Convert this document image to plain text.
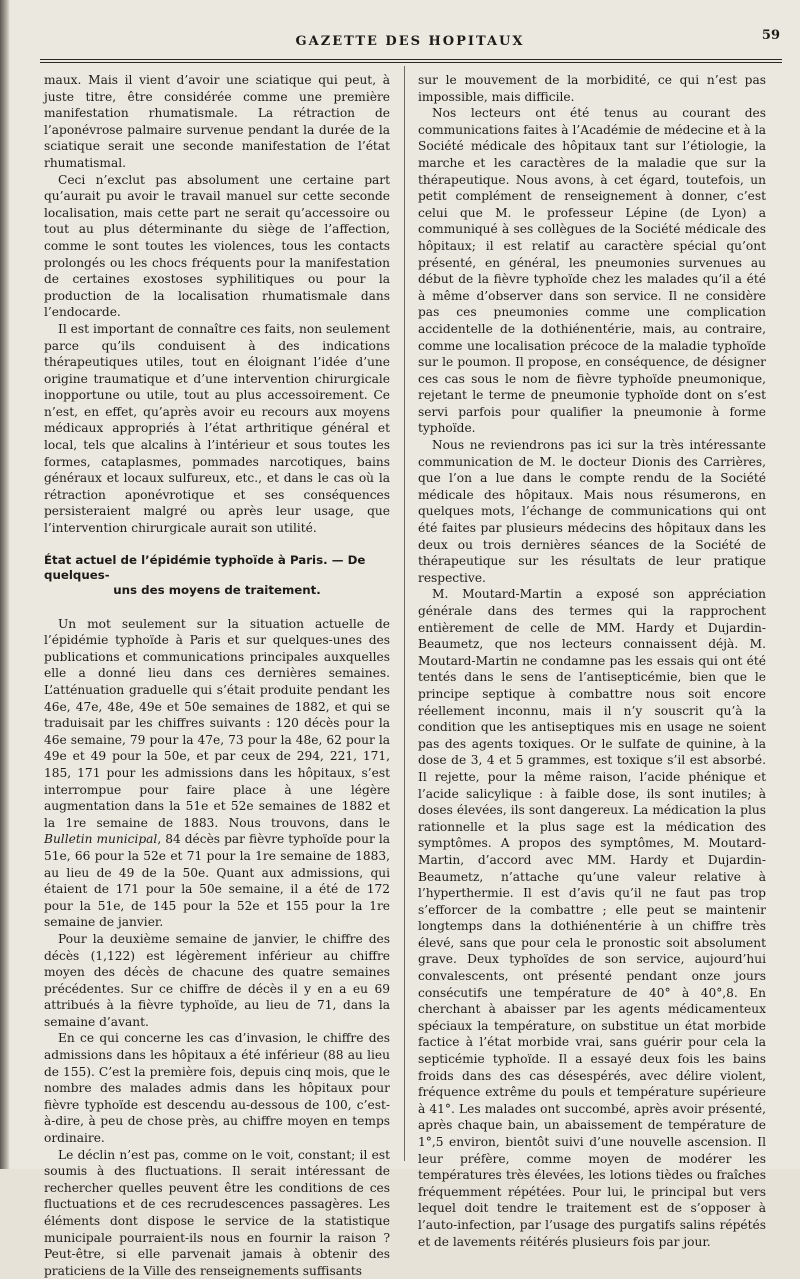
GAZETTE DES HOPITAUX	59

maux. Mais il vient d’avoir une sciatique qui peut, à juste titre, être considérée comme une première manifestation rhumatismale. La rétraction de l’aponévrose palmaire survenue pendant la durée de la sciatique serait une seconde manifestation de l’état rhumatismal.

Ceci n’exclut pas absolument une certaine part qu’aurait pu avoir le travail manuel sur cette seconde localisation, mais cette part ne serait qu’accessoire ou tout au plus déterminante du siège de l’affection, comme le sont toutes les violences, tous les contacts prolongés ou les chocs fréquents pour la manifestation de certaines exostoses syphilitiques ou pour la production de la localisation rhumatismale dans l’endocarde.

Il est important de connaître ces faits, non seulement parce qu’ils conduisent à des indications thérapeutiques utiles, tout en éloignant l’idée d’une origine traumatique et d’une intervention chirurgicale inopportune ou utile, tout au plus accessoirement. Ce n’est, en effet, qu’après avoir eu recours aux moyens médicaux appropriés à l’état arthritique général et local, tels que alcalins à l’intérieur et sous toutes les formes, cataplasmes, pommades narcotiques, bains généraux et locaux sulfureux, etc., et dans le cas où la rétraction aponévrotique et ses conséquences persisteraient malgré ou après leur usage, que l’intervention chirurgicale aurait son utilité.

État actuel de l’épidémie typhoïde à Paris. — De quelques-
uns des moyens de traitement.

Un mot seulement sur la situation actuelle de l’épidémie typhoïde à Paris et sur quelques-unes des publications et communications principales auxquelles elle a donné lieu dans ces dernières semaines. L’atténuation graduelle qui s’était produite pendant les 46e, 47e, 48e, 49e et 50e semaines de 1882, et qui se traduisait par les chiffres suivants : 120 décès pour la 46e semaine, 79 pour la 47e, 73 pour la 48e, 62 pour la 49e et 49 pour la 50e, et par ceux de 294, 221, 171, 185, 171 pour les admissions dans les hôpitaux, s’est interrompue pour faire place à une légère augmentation dans la 51e et 52e semaines de 1882 et la 1re semaine de 1883. Nous trouvons, dans le Bulletin municipal, 84 décès par fièvre typhoïde pour la 51e, 66 pour la 52e et 71 pour la 1re semaine de 1883, au lieu de 49 de la 50e. Quant aux admissions, qui étaient de 171 pour la 50e semaine, il a été de 172 pour la 51e, de 145 pour la 52e et 155 pour la 1re semaine de janvier.

Pour la deuxième semaine de janvier, le chiffre des décès (1,122) est légèrement inférieur au chiffre moyen des décès de chacune des quatre semaines précédentes. Sur ce chiffre de décès il y en a eu 69 attribués à la fièvre typhoïde, au lieu de 71, dans la semaine d’avant.

En ce qui concerne les cas d’invasion, le chiffre des admissions dans les hôpitaux a été inférieur (88 au lieu de 155). C’est la première fois, depuis cinq mois, que le nombre des malades admis dans les hôpitaux pour fièvre typhoïde est descendu au-dessous de 100, c’est-à-dire, à peu de chose près, au chiffre moyen en temps ordinaire.

Le déclin n’est pas, comme on le voit, constant; il est soumis à des fluctuations. Il serait intéressant de rechercher quelles peuvent être les conditions de ces fluctuations et de ces recrudescences passagères. Les éléments dont dispose le service de la statistique municipale pourraient-ils nous en fournir la raison ? Peut-être, si elle parvenait jamais à obtenir des praticiens de la Ville des renseignements suffisants

sur le mouvement de la morbidité, ce qui n’est pas impossible, mais difficile.

Nos lecteurs ont été tenus au courant des communications faites à l’Académie de médecine et à la Société médicale des hôpitaux tant sur l’étiologie, la marche et les caractères de la maladie que sur la thérapeutique. Nous avons, à cet égard, toutefois, un petit complément de renseignement à donner, c’est celui que M. le professeur Lépine (de Lyon) a communiqué à ses collègues de la Société médicale des hôpitaux; il est relatif au caractère spécial qu’ont présenté, en général, les pneumonies survenues au début de la fièvre typhoïde chez les malades qu’il a été à même d’observer dans son service. Il ne considère pas ces pneumonies comme une complication accidentelle de la dothiénentérie, mais, au contraire, comme une localisation précoce de la maladie typhoïde sur le poumon. Il propose, en conséquence, de désigner ces cas sous le nom de fièvre typhoïde pneumonique, rejetant le terme de pneumonie typhoïde dont on s’est servi parfois pour qualifier la pneumonie à forme typhoïde.

Nous ne reviendrons pas ici sur la très intéressante communication de M. le docteur Dionis des Carrières, que l’on a lue dans le compte rendu de la Société médicale des hôpitaux. Mais nous résumerons, en quelques mots, l’échange de communications qui ont été faites par plusieurs médecins des hôpitaux dans les deux ou trois dernières séances de la Société de thérapeutique sur les résultats de leur pratique respective.

M. Moutard-Martin a exposé son appréciation générale dans des termes qui la rapprochent entièrement de celle de MM. Hardy et Dujardin-Beaumetz, que nos lecteurs connaissent déjà. M. Moutard-Martin ne condamne pas les essais qui ont été tentés dans le sens de l’antisepticémie, bien que le principe septique à combattre nous soit encore réellement inconnu, mais il n’y souscrit qu’à la condition que les antiseptiques mis en usage ne soient pas des agents toxiques. Or le sulfate de quinine, à la dose de 3, 4 et 5 grammes, est toxique s’il est absorbé. Il rejette, pour la même raison, l’acide phénique et l’acide salicylique : à faible dose, ils sont inutiles; à doses élevées, ils sont dangereux. La médication la plus rationnelle et la plus sage est la médication des symptômes. A propos des symptômes, M. Moutard-Martin, d’accord avec MM. Hardy et Dujardin-Beaumetz, n’attache qu’une valeur relative à l’hyperthermie. Il est d’avis qu’il ne faut pas trop s’efforcer de la combattre ; elle peut se maintenir longtemps dans la dothiénentérie à un chiffre très élevé, sans que pour cela le pronostic soit absolument grave. Deux typhoïdes de son service, aujourd’hui convalescents, ont présenté pendant onze jours consécutifs une température de 40° à 40°,8. En cherchant à abaisser par les agents médicamenteux spéciaux la température, on substitue un état morbide factice à l’état morbide vrai, sans guérir pour cela la septicémie typhoïde. Il a essayé deux fois les bains froids dans des cas désespérés, avec délire violent, fréquence extrême du pouls et température supérieure à 41°. Les malades ont succombé, après avoir présenté, après chaque bain, un abaissement de température de 1°,5 environ, bientôt suivi d’une nouvelle ascension. Il leur préfère, comme moyen de modérer les températures très élevées, les lotions tièdes ou fraîches fréquemment répétées. Pour lui, le principal but vers lequel doit tendre le traitement est de s’opposer à l’auto-infection, par l’usage des purgatifs salins répétés et de lavements réitérés plusieurs fois par jour.
